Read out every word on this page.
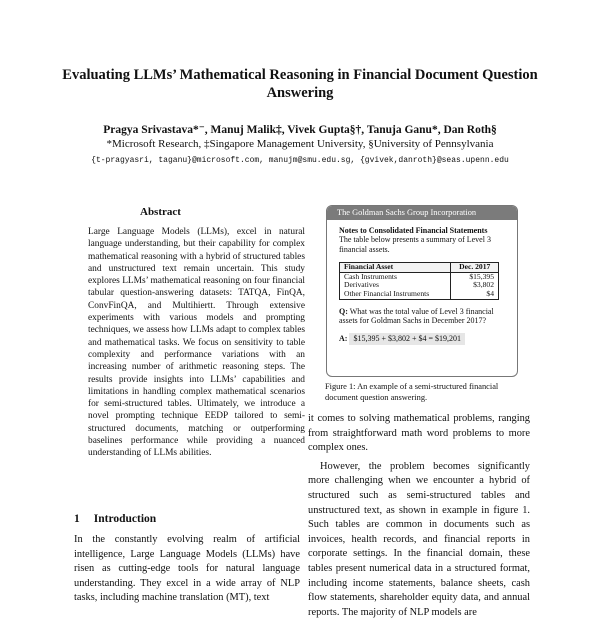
Evaluating LLMs’ Mathematical Reasoning in Financial Document Question Answering
Pragya Srivastava*⁻, Manuj Malik‡, Vivek Gupta§†, Tanuja Ganu*, Dan Roth§
*Microsoft Research, ‡Singapore Management University, §University of Pennsylvania
{t-pragyasri, taganu}@microsoft.com, manujm@smu.edu.sg, {gvivek,danroth}@seas.upenn.edu
Abstract
Large Language Models (LLMs), excel in natural language understanding, but their capability for complex mathematical reasoning with a hybrid of structured tables and unstructured text remain uncertain. This study explores LLMs’ mathematical reasoning on four financial tabular question-answering datasets: TATQA, FinQA, ConvFinQA, and Multihiertt. Through extensive experiments with various models and prompting techniques, we assess how LLMs adapt to complex tables and mathematical tasks. We focus on sensitivity to table complexity and performance variations with an increasing number of arithmetic reasoning steps. The results provide insights into LLMs’ capabilities and limitations in handling complex mathematical scenarios for semi-structured tables. Ultimately, we introduce a novel prompting technique EEDP tailored to semi-structured documents, matching or outperforming baselines performance while providing a nuanced understanding of LLMs abilities.
The Goldman Sachs Group Incorporation
Notes to Consolidated Financial Statements
The table below presents a summary of Level 3 financial assets.
Financial Asset	Dec. 2017
Cash Instruments	$15,395
Derivatives	$3,802
Other Financial Instruments	$4
Q: What was the total value of Level 3 financial assets for Goldman Sachs in December 2017?
A: $15,395 + $3,802 + $4 = $19,201
Figure 1: An example of a semi-structured financial document question answering.
1 Introduction
In the constantly evolving realm of artificial intelligence, Large Language Models (LLMs) have risen as cutting-edge tools for natural language understanding. They excel in a wide array of NLP tasks, including machine translation (MT), text

it comes to solving mathematical problems, ranging from straightforward math word problems to more complex ones.

However, the problem becomes significantly more challenging when we encounter a hybrid of structured such as semi-structured tables and unstructured text, as shown in example in figure 1. Such tables are common in documents such as invoices, health records, and financial reports in corporate settings. In the financial domain, these tables present numerical data in a structured format, including income statements, balance sheets, cash flow statements, shareholder equity data, and annual reports. The majority of NLP models are
